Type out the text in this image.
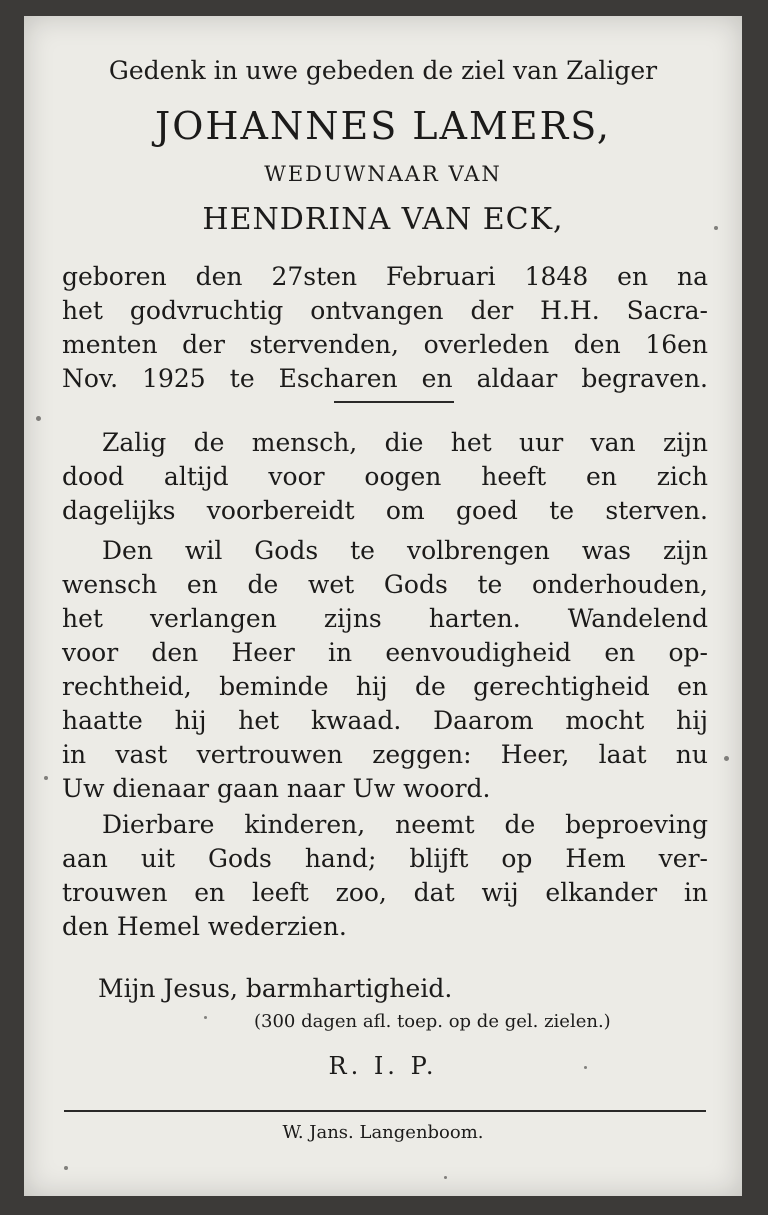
Gedenk in uwe gebeden de ziel van Zaliger
JOHANNES LAMERS,
WEDUWNAAR VAN
HENDRINA VAN ECK,
geboren den 27sten Februari 1848 en na
het godvruchtig ontvangen der H.H. Sacra-
menten der stervenden, overleden den 16en
Nov. 1925 te Escharen en aldaar begraven.
Zalig de mensch, die het uur van zijn
dood altijd voor oogen heeft en zich
dagelijks voorbereidt om goed te sterven.
Den wil Gods te volbrengen was zijn
wensch en de wet Gods te onderhouden,
het verlangen zijns harten. Wandelend
voor den Heer in eenvoudigheid en op-
rechtheid, beminde hij de gerechtigheid en
haatte hij het kwaad. Daarom mocht hij
in vast vertrouwen zeggen: Heer, laat nu
Uw dienaar gaan naar Uw woord.
Dierbare kinderen, neemt de beproeving
aan uit Gods hand; blijft op Hem ver-
trouwen en leeft zoo, dat wij elkander in
den Hemel wederzien.
Mijn Jesus, barmhartigheid.
(300 dagen afl. toep. op de gel. zielen.)
R. I. P.
W. Jans. Langenboom.
